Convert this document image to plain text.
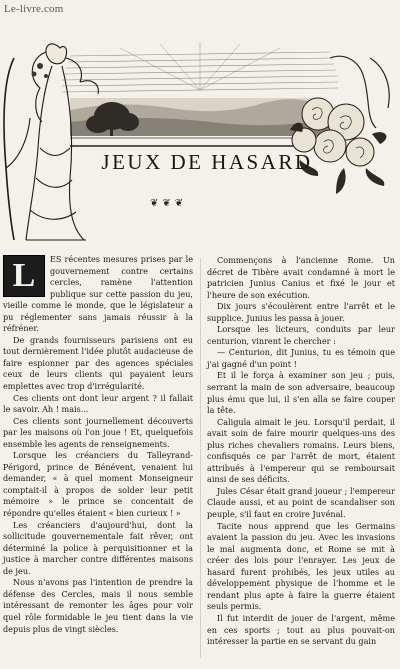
Le-livre.com
JEUX DE HASARD
❦❦❦

L	ES récentes mesures prises par le gouvernement contre certains cercles, ramène l'attention publique sur cette passion du jeu, vieille comme le monde, que le législateur a pu réglementer sans jamais réussir à la réfréner.

De grands fournisseurs parisiens ont eu tout dernièrement l'idée plutôt audacieuse de faire espionner par des agences spéciales ceux de leurs clients qui payaient leurs emplettes avec trop d'irrégularité.

Ces clients ont dont leur argent ? il fallait le savoir. Ah ! mais...

Ces clients sont journellement découverts par les maisons où l'on joue ! Et, quelquefois ensemble les agents de renseignements.

Lorsque les créanciers du Talleyrand-Périgord, prince de Bénévent, venaient lui demander, « à quel moment Monseigneur comptait-il à propos de solder leur petit mémoire » le prince se concentait de répondre qu'elles étaient « bien curieux ! »

Les créanciers d'aujourd'hui, dont la sollicitude gouvernementale fait rêver, ont déterminé la police à perquisitionner et la justice à marcher contre différentes maisons de jeu.

Nous n'avons pas l'intention de prendre la défense des Cercles, mais il nous semble intéressant de remonter les âges pour voir quel rôle formidable le jeu tient dans la vie depuis plus de vingt siècles.

Commençons à l'ancienne Rome. Un décret de Tibère avait condamné à mort le patricien Junius Canius et fixé le jour et l'heure de son exécution.

Dix jours s'écoulèrent entre l'arrêt et le supplice. Junius les passa à jouer.

Lorsque les licteurs, conduits par leur centurion, vinrent le chercher :

— Centurion, dit Junius, tu es témoin que j'ai gagné d'un point !

Et il le força à examiner son jeu ; puis, serrant la main de son adversaire, beaucoup plus ému que lui, il s'en alla se faire couper la tête.

Caligula aimait le jeu. Lorsqu'il perdait, il avait soin de faire mourir quelques-uns des plus riches chevaliers romains. Leurs biens, confisqués ce par l'arrêt de mort, étaient attribués à l'empereur qui se remboursait ainsi de ses déficits.

Jules César était grand joueur ; l'empereur Claude aussi, et au point de scandaliser son peuple, s'il faut en croire Juvénal.

Tacite nous apprend que les Germains avaient la passion du jeu. Avec les invasions le mal augmenta donc, et Rome se mit à créer des lois pour l'enrayer. Les jeux de hasard furent prohibés, les jeux utiles au développement physique de l'homme et le rendant plus apte à faire la guerre étaient seuls permis.

Il fut interdit de jouer de l'argent, même en ces sports ; tout au plus pouvait-on intéresser la partie en se servant du gain
